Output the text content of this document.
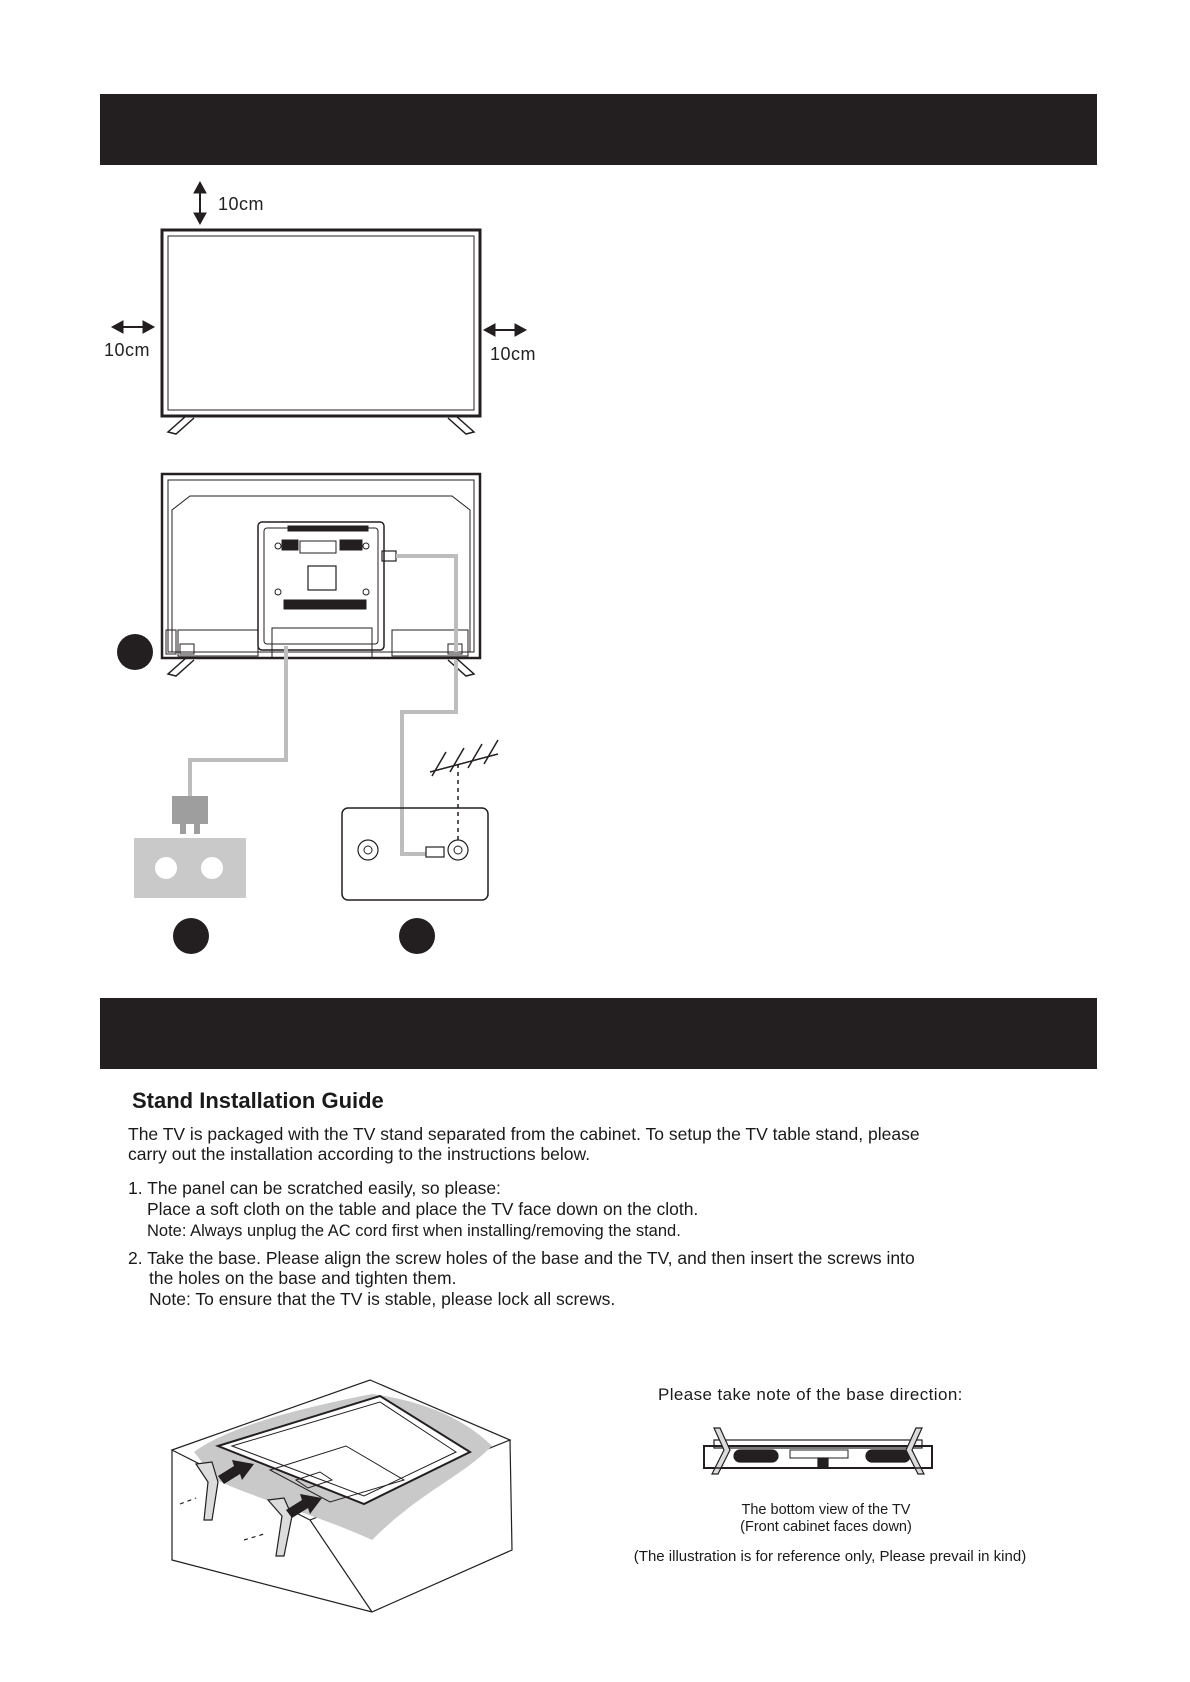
10cm
10cm	10cm
Stand Installation Guide
The TV is packaged with the TV stand separated from the cabinet. To setup the TV table stand, please
carry out the installation according to the instructions below.
1. The panel can be scratched easily, so please:
Place a soft cloth on the table and place the TV face down on the cloth.
Note: Always unplug the AC cord first when installing/removing the stand.
2. Take the base. Please align the screw holes of the base and the TV, and then insert the screws into
the holes on the base and tighten them.
Note: To ensure that the TV is stable, please lock all screws.
Please take note of the base direction:
The bottom view of the TV
(Front cabinet faces down)
(The illustration is for reference only, Please prevail in kind)
